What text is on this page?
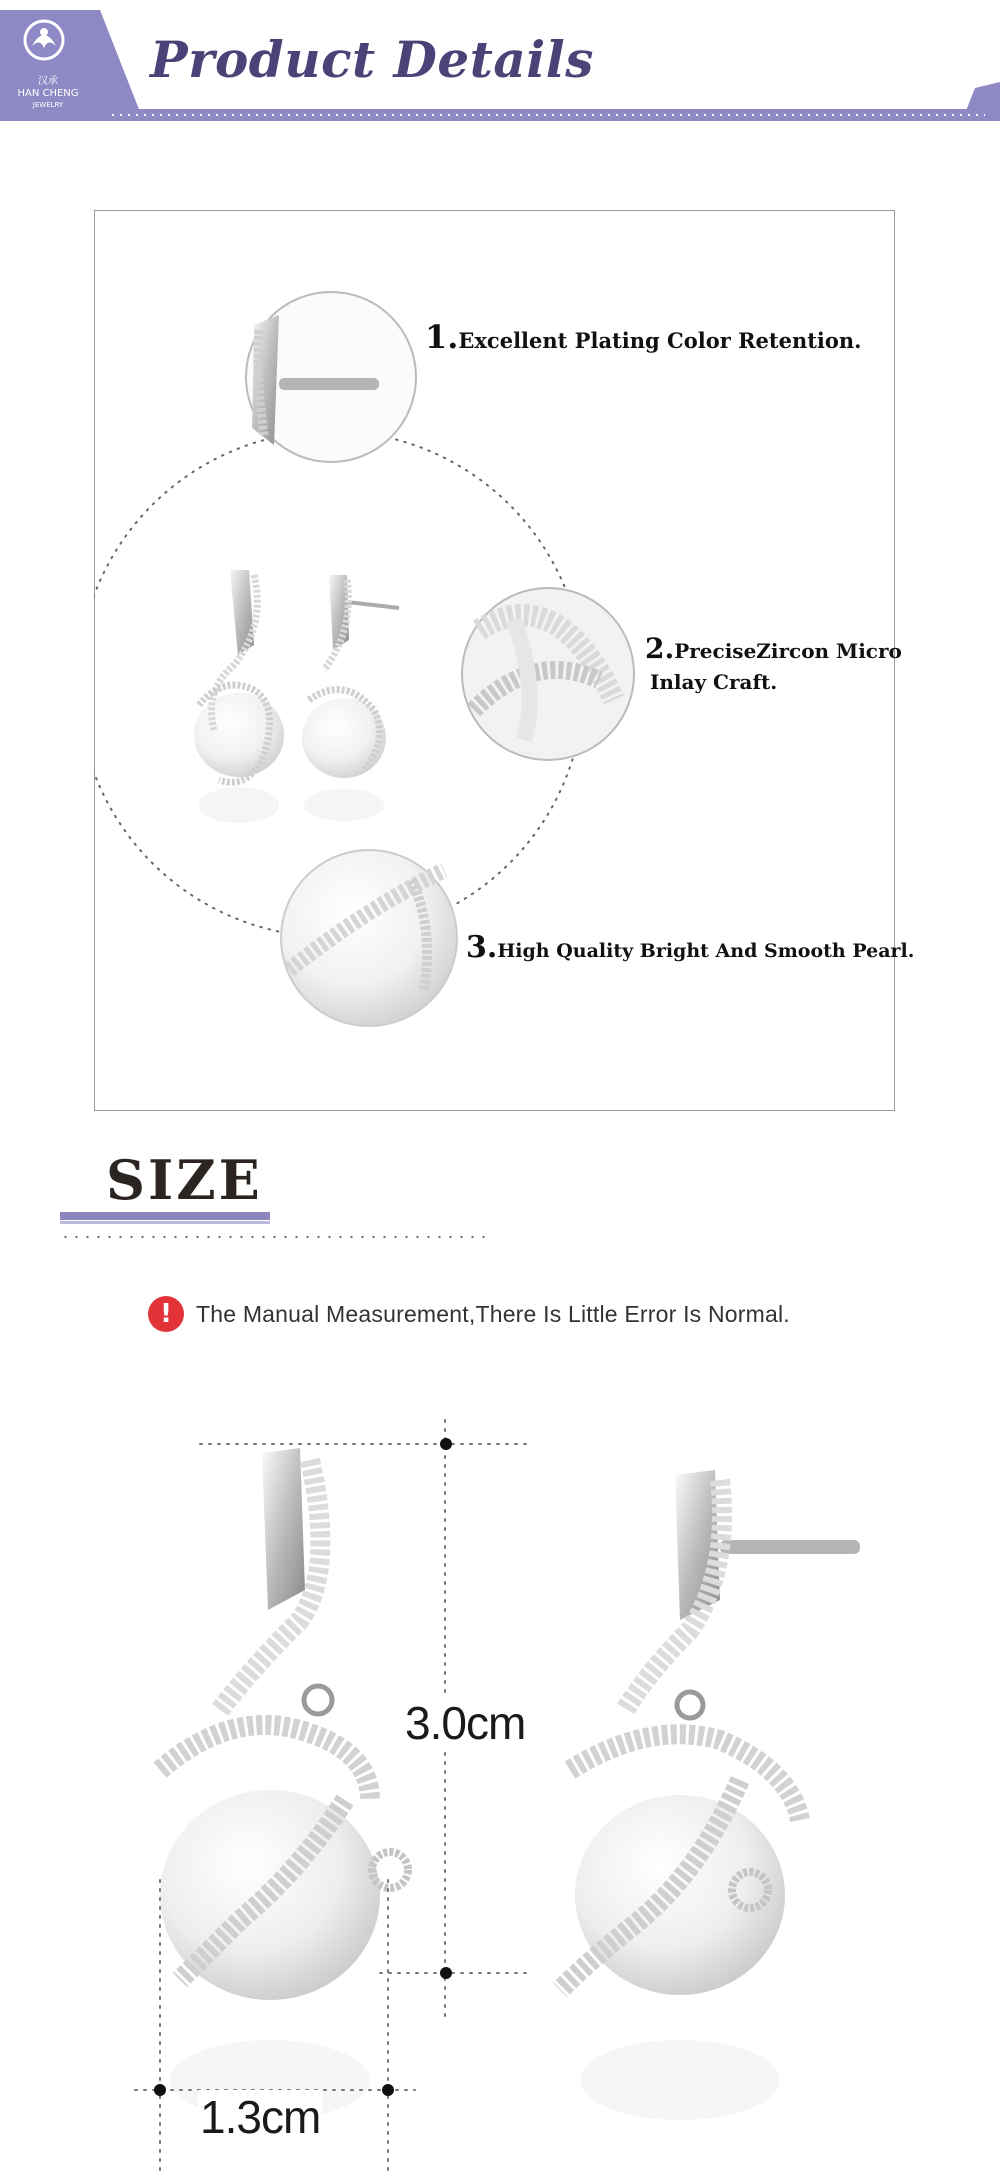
汉承
HAN CHENG
JEWELRY
Product Details
1.Excellent Plating Color Retention.
2.PreciseZircon Micro
Inlay Craft.
3.High Quality Bright And Smooth Pearl.
SIZE
!	The Manual Measurement,There Is Little Error Is Normal.
3.0cm
1.3cm
